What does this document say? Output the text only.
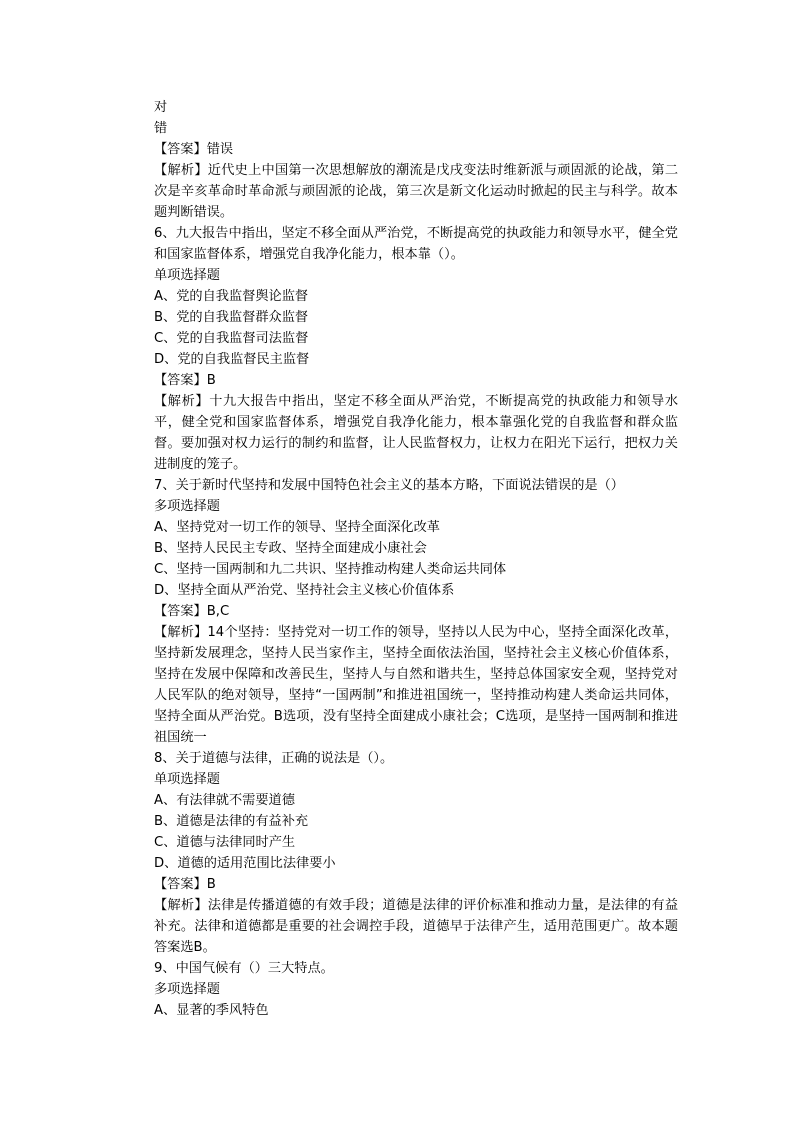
对
错
【答案】错误
【解析】近代史上中国第一次思想解放的潮流是戊戌变法时维新派与顽固派的论战，第二次是辛亥革命时革命派与顽固派的论战，第三次是新文化运动时掀起的民主与科学。故本题判断错误。
6、九大报告中指出，坚定不移全面从严治党，不断提高党的执政能力和领导水平，健全党和国家监督体系，增强党自我净化能力，根本靠（）。
单项选择题
A、党的自我监督舆论监督
B、党的自我监督群众监督
C、党的自我监督司法监督
D、党的自我监督民主监督
【答案】B
【解析】十九大报告中指出，坚定不移全面从严治党，不断提高党的执政能力和领导水平，健全党和国家监督体系，增强党自我净化能力，根本靠强化党的自我监督和群众监督。要加强对权力运行的制约和监督，让人民监督权力，让权力在阳光下运行，把权力关进制度的笼子。
7、关于新时代坚持和发展中国特色社会主义的基本方略，下面说法错误的是（）
多项选择题
A、坚持党对一切工作的领导、坚持全面深化改革
B、坚持人民民主专政、坚持全面建成小康社会
C、坚持一国两制和九二共识、坚持推动构建人类命运共同体
D、坚持全面从严治党、坚持社会主义核心价值体系
【答案】B,C
【解析】14个坚持：坚持党对一切工作的领导，坚持以人民为中心，坚持全面深化改革，坚持新发展理念，坚持人民当家作主，坚持全面依法治国，坚持社会主义核心价值体系，坚持在发展中保障和改善民生，坚持人与自然和谐共生，坚持总体国家安全观，坚持党对人民军队的绝对领导，坚持“一国两制”和推进祖国统一，坚持推动构建人类命运共同体，坚持全面从严治党。B选项，没有坚持全面建成小康社会；C选项，是坚持一国两制和推进祖国统一
8、关于道德与法律，正确的说法是（）。
单项选择题
A、有法律就不需要道德
B、道德是法律的有益补充
C、道德与法律同时产生
D、道德的适用范围比法律要小
【答案】B
【解析】法律是传播道德的有效手段；道德是法律的评价标准和推动力量，是法律的有益补充。法律和道德都是重要的社会调控手段，道德早于法律产生，适用范围更广。故本题答案选B。
9、中国气候有（）三大特点。
多项选择题
A、显著的季风特色
